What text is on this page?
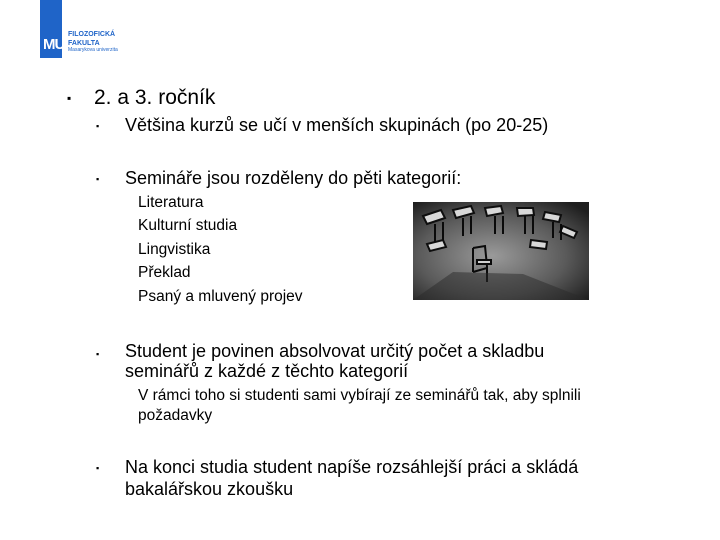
MU
FILOZOFICKÁ
FAKULTA
Masarykova univerzita
▪ 2. a 3. ročník
▪ Většina kurzů se učí v menších skupinách (po 20-25)
▪ Semináře jsou rozděleny do pěti kategorií:
Literatura
Kulturní studia
Lingvistika
Překlad
Psaný a mluvený projev
▪ Student je povinen absolvovat určitý počet a skladbu
seminářů z každé z těchto kategorií
V rámci toho si studenti sami vybírají ze seminářů tak, aby splnili
požadavky
▪ Na konci studia student napíše rozsáhlejší práci a skládá
bakalářskou zkoušku
